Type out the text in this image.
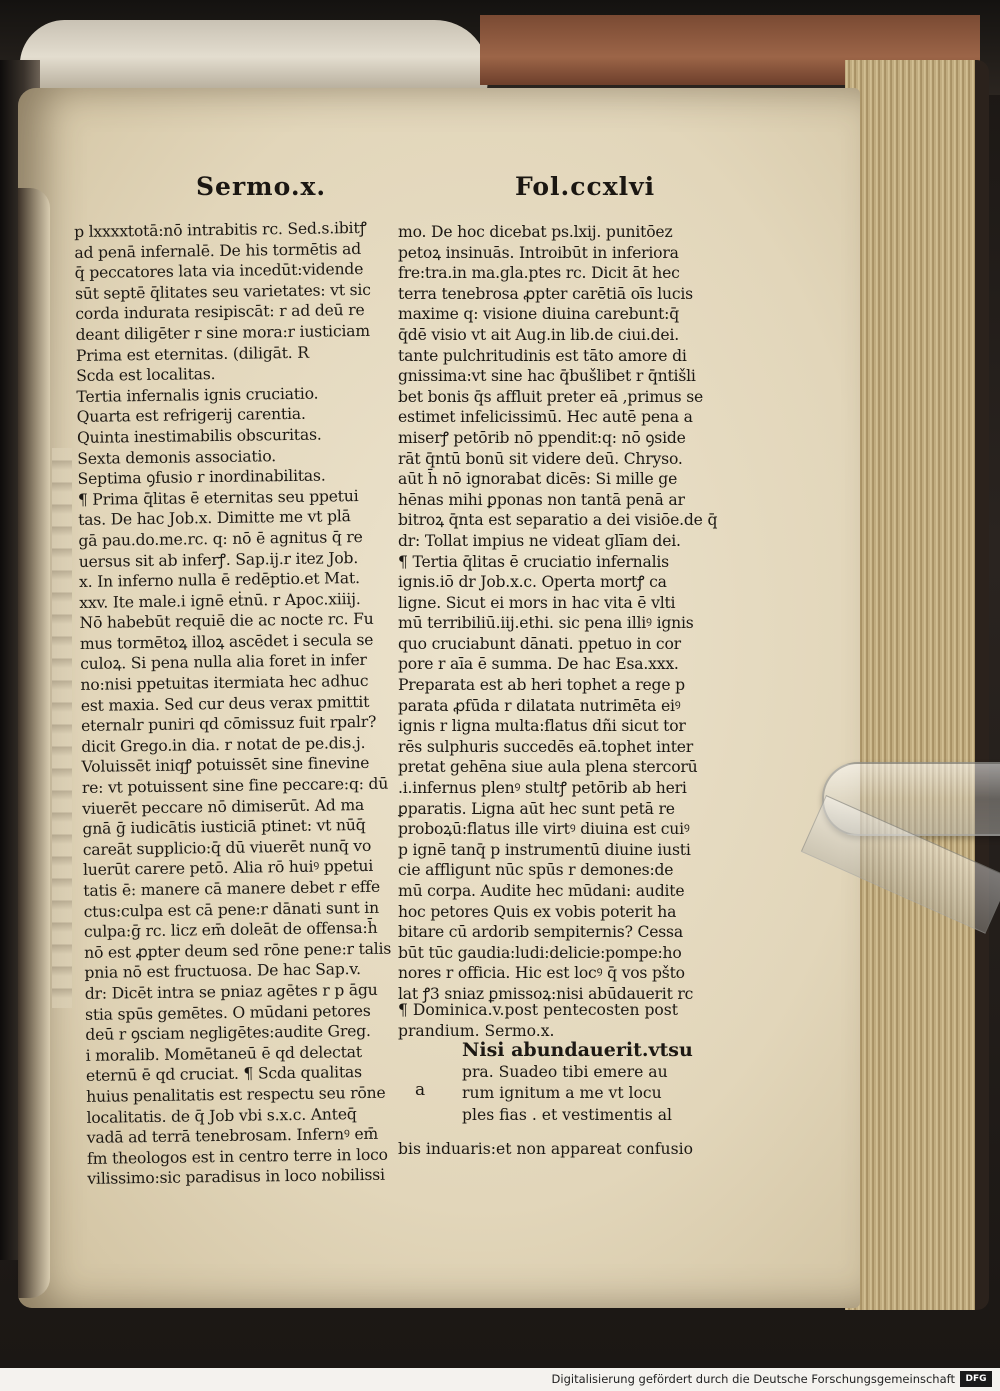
Sermo.x.	Fol.ccxlvi
p lxxxxtotā:nō intrabitis rc. Sed.s.ibitꝭ
ad penā infernalē. De his tormētis ad
q̄ peccatores lata via incedūt:vidende
sūt septē q̄litates seu varietates: vt sic
corda indurata resipiscāt: r ad deū re
deant diligēter r sine mora:r iusticiam
Prima est eternitas. (diligāt. R
Scda est localitas.
Tertia infernalis ignis cruciatio.
Quarta est refrigerij carentia.
Quinta inestimabilis obscuritas.
Sexta demonis associatio.
Septima ꝯfusio r inordinabilitas.
¶ Prima q̄litas ē eternitas seu ppetui
tas. De hac Job.x. Dimitte me vt plā
gā pau.do.me.rc. q: nō ē agnitus q̄ re
uersus sit ab inferꝭ. Sap.ij.r itez Job.
x. In inferno nulla ē redēptio.et Mat.
xxv. Ite male.i ignē eṫnū. r Apoc.xiiij.
Nō habebūt requiē die ac nocte rc. Fu
mus tormētoꝝ illoꝝ ascēdet i secula se
culoꝝ. Si pena nulla alia foret in infer
no:nisi ppetuitas itermiata hec adhuc
est maxia. Sed cur deus verax pmittit
eternalr puniri qd cōmissuz fuit rpalr?
dicit Grego.in dia. r notat de pe.dis.j.
Voluissēt iniqꝭ potuissēt sine finevine
re: vt potuissent sine fine peccare:q: dū
viuerēt peccare nō dimiserūt. Ad ma
gnā ḡ iudicātis iusticiā ptinet: vt nūq̄
careāt supplicio:q̄ dū viuerēt nunq̄ vo
luerūt carere petō. Alia rō huiꝰ ppetui
tatis ē: manere cā manere debet r effe
ctus:culpa est cā pene:r dānati sunt in
culpa:ḡ rc. licz em̄ doleāt de offensa:h̄
nō est ꝓpter deum sed rōne pene:r talis
pnia nō est fructuosa. De hac Sap.v.
dr: Dicēt intra se pniaz agētes r p āgu
stia spūs gemētes. O mūdani petores
deū r ꝯsciam negligētes:audite Greg.
i moralib. Momētaneū ē qd delectat
eternū ē qd cruciat. ¶ Scda qualitas
huius penalitatis est respectu seu rōne
localitatis. de q̄ Job vbi s.x.c. Anteq̄
vadā ad terrā tenebrosam. Infernꝰ em̄
fm theologos est in centro terre in loco
vilissimo:sic paradisus in loco nobilissi
mo. De hoc dicebat ps.lxij. punitōez
petoꝝ insinuās. Introibūt in inferiora
fre:tra.in ma.gla.ptes rc. Dicit āt hec
terra tenebrosa ꝓpter carētiā oīs lucis
maxime q: visione diuina carebunt:q̄
q̄dē visio vt ait Aug.in lib.de ciui.dei.
tante pulchritudinis est tāto amore di
gnissima:vt sine hac q̄bušlibet r q̄ntišli
bet bonis q̄s affluit preter eā ,primus se
estimet infelicissimū. Hec autē pena a
miserꝭ petōrib nō ppendit:q: nō ꝯside
rāt q̄ntū bonū sit videre deū. Chryso.
aūt h̄ nō ignorabat dicēs: Si mille ge
hēnas mihi ꝑponas non tantā penā ar
bitroꝝ q̄nta est separatio a dei visiōe.de q̄
dr: Tollat impius ne videat glīam dei.
¶ Tertia q̄litas ē cruciatio infernalis
ignis.iō dr Job.x.c. Operta mortꝭ ca
ligne. Sicut ei mors in hac vita ē vlti
mū terribiliū.iij.ethi. sic pena illiꝰ ignis
quo cruciabunt dānati. ppetuo in cor
pore r aīa ē summa. De hac Esa.xxx.
Preparata est ab heri tophet a rege p
parata ꝓfūda r dilatata nutrimēta eiꝰ
ignis r ligna multa:flatus dñi sicut tor
rēs sulphuris succedēs eā.tophet inter
pretat gehēna siue aula plena stercorū
.i.infernus plenꝰ stultꝭ petōrib ab heri
ꝑparatis. Ligna aūt hec sunt petā re
proboꝝū:flatus ille virtꝰ diuina est cuiꝰ
p ignē tanq̄ p instrumentū diuine iusti
cie affligunt nūc spūs r demones:de
mū corpa. Audite hec mūdani: audite
hoc petores Quis ex vobis poterit ha
bitare cū ardorib sempiternis? Cessa
būt tūc gaudia:ludi:delicie:pompe:ho
nores r officia. Hic est locꝰ q̄ vos pšto
lat ꝭ3 sniaz ꝑmissoꝝ:nisi abūdauerit rc
¶ Dominica.v.post pentecosten post
prandium. Sermo.x.
a
Nisi abundauerit.vtsu
pra. Suadeo tibi emere au
rum ignitum a me vt locu
ples fias . et vestimentis al
bis induaris:et non appareat confusio
Digitalisierung gefördert durch die Deutsche Forschungsgemeinschaft	DFG
